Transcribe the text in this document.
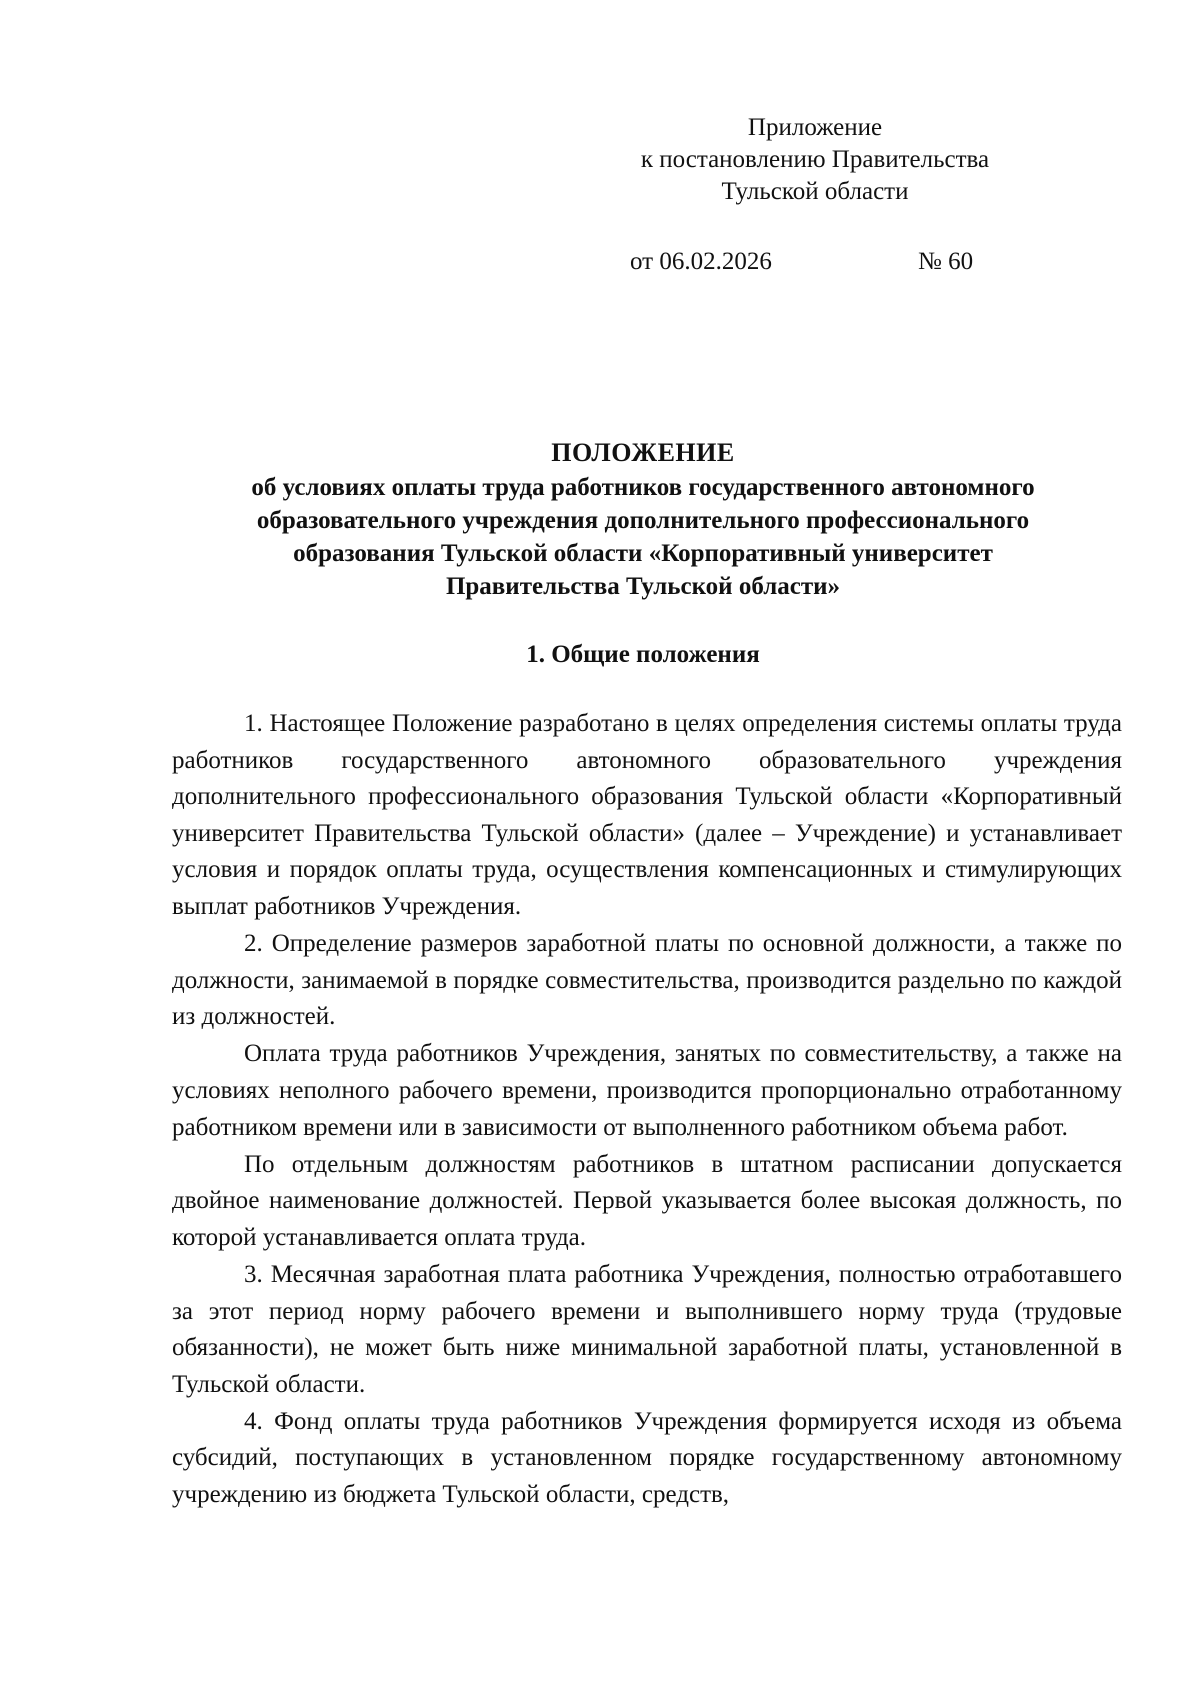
Приложение
к постановлению Правительства
Тульской области
от 06.02.2026	№ 60
ПОЛОЖЕНИЕ
об условиях оплаты труда работников государственного автономного
образовательного учреждения дополнительного профессионального
образования Тульской области «Корпоративный университет
Правительства Тульской области»
1. Общие положения

1. Настоящее Положение разработано в целях определения системы оплаты труда работников государственного автономного образовательного учреждения дополнительного профессионального образования Тульской области «Корпоративный университет Правительства Тульской области» (далее – Учреждение) и устанавливает условия и порядок оплаты труда, осуществления компенсационных и стимулирующих выплат работников Учреждения.

2. Определение размеров заработной платы по основной должности, а также по должности, занимаемой в порядке совместительства, производится раздельно по каждой из должностей.

Оплата труда работников Учреждения, занятых по совместительству, а также на условиях неполного рабочего времени, производится пропорционально отработанному работником времени или в зависимости от выполненного работником объема работ.

По отдельным должностям работников в штатном расписании допускается двойное наименование должностей. Первой указывается более высокая должность, по которой устанавливается оплата труда.

3. Месячная заработная плата работника Учреждения, полностью отработавшего за этот период норму рабочего времени и выполнившего норму труда (трудовые обязанности), не может быть ниже минимальной заработной платы, установленной в Тульской области.

4. Фонд оплаты труда работников Учреждения формируется исходя из объема субсидий, поступающих в установленном порядке государственному автономному учреждению из бюджета Тульской области, средств,
